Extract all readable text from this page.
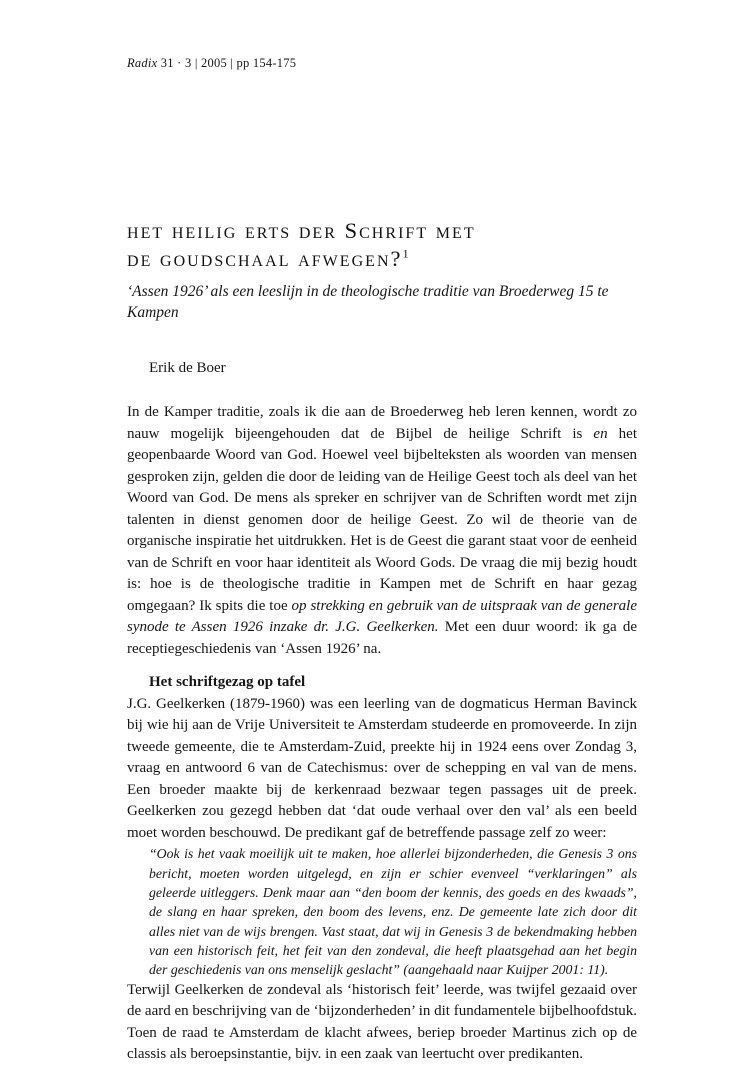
Radix 31 · 3 | 2005 | pp 154-175
het heilig erts der Schrift met
de goudschaal afwegen?$^1$

‘Assen 1926’ als een leeslijn in de theologische traditie van Broederweg 15 te Kampen

Erik de Boer

In de Kamper traditie, zoals ik die aan de Broederweg heb leren kennen, wordt zo nauw mogelijk bijeengehouden dat de Bijbel de heilige Schrift is en het geopenbaarde Woord van God. Hoewel veel bijbelteksten als woorden van mensen gesproken zijn, gelden die door de leiding van de Heilige Geest toch als deel van het Woord van God. De mens als spreker en schrijver van de Schriften wordt met zijn talenten in dienst genomen door de heilige Geest. Zo wil de theorie van de organische inspiratie het uitdrukken. Het is de Geest die garant staat voor de eenheid van de Schrift en voor haar identiteit als Woord Gods. De vraag die mij bezig houdt is: hoe is de theologische traditie in Kampen met de Schrift en haar gezag omgegaan? Ik spits die toe op strekking en gebruik van de uitspraak van de generale synode te Assen 1926 inzake dr. J.G. Geelkerken. Met een duur woord: ik ga de receptiegeschiedenis van ‘Assen 1926’ na.

Het schriftgezag op tafel

J.G. Geelkerken (1879-1960) was een leerling van de dogmaticus Herman Bavinck bij wie hij aan de Vrije Universiteit te Amsterdam studeerde en promoveerde. In zijn tweede gemeente, die te Amsterdam-Zuid, preekte hij in 1924 eens over Zondag 3, vraag en antwoord 6 van de Catechismus: over de schepping en val van de mens. Een broeder maakte bij de kerkenraad bezwaar tegen passages uit de preek. Geelkerken zou gezegd hebben dat ‘dat oude verhaal over den val’ als een beeld moet worden beschouwd. De predikant gaf de betreffende passage zelf zo weer:

“Ook is het vaak moeilijk uit te maken, hoe allerlei bijzonderheden, die Genesis 3 ons bericht, moeten worden uitgelegd, en zijn er schier evenveel “verklaringen” als geleerde uitleggers. Denk maar aan “den boom der kennis, des goeds en des kwaads”, de slang en haar spreken, den boom des levens, enz. De gemeente late zich door dit alles niet van de wijs brengen. Vast staat, dat wij in Genesis 3 de bekendmaking hebben van een historisch feit, het feit van den zondeval, die heeft plaatsgehad aan het begin der geschiedenis van ons menselijk geslacht” (aangehaald naar Kuijper 2001: 11).

Terwijl Geelkerken de zondeval als ‘historisch feit’ leerde, was twijfel gezaaid over de aard en beschrijving van de ‘bijzonderheden’ in dit fundamentele bijbelhoofdstuk. Toen de raad te Amsterdam de klacht afwees, beriep broeder Martinus zich op de classis als beroepsinstantie, bijv. in een zaak van leertucht over predikanten.
